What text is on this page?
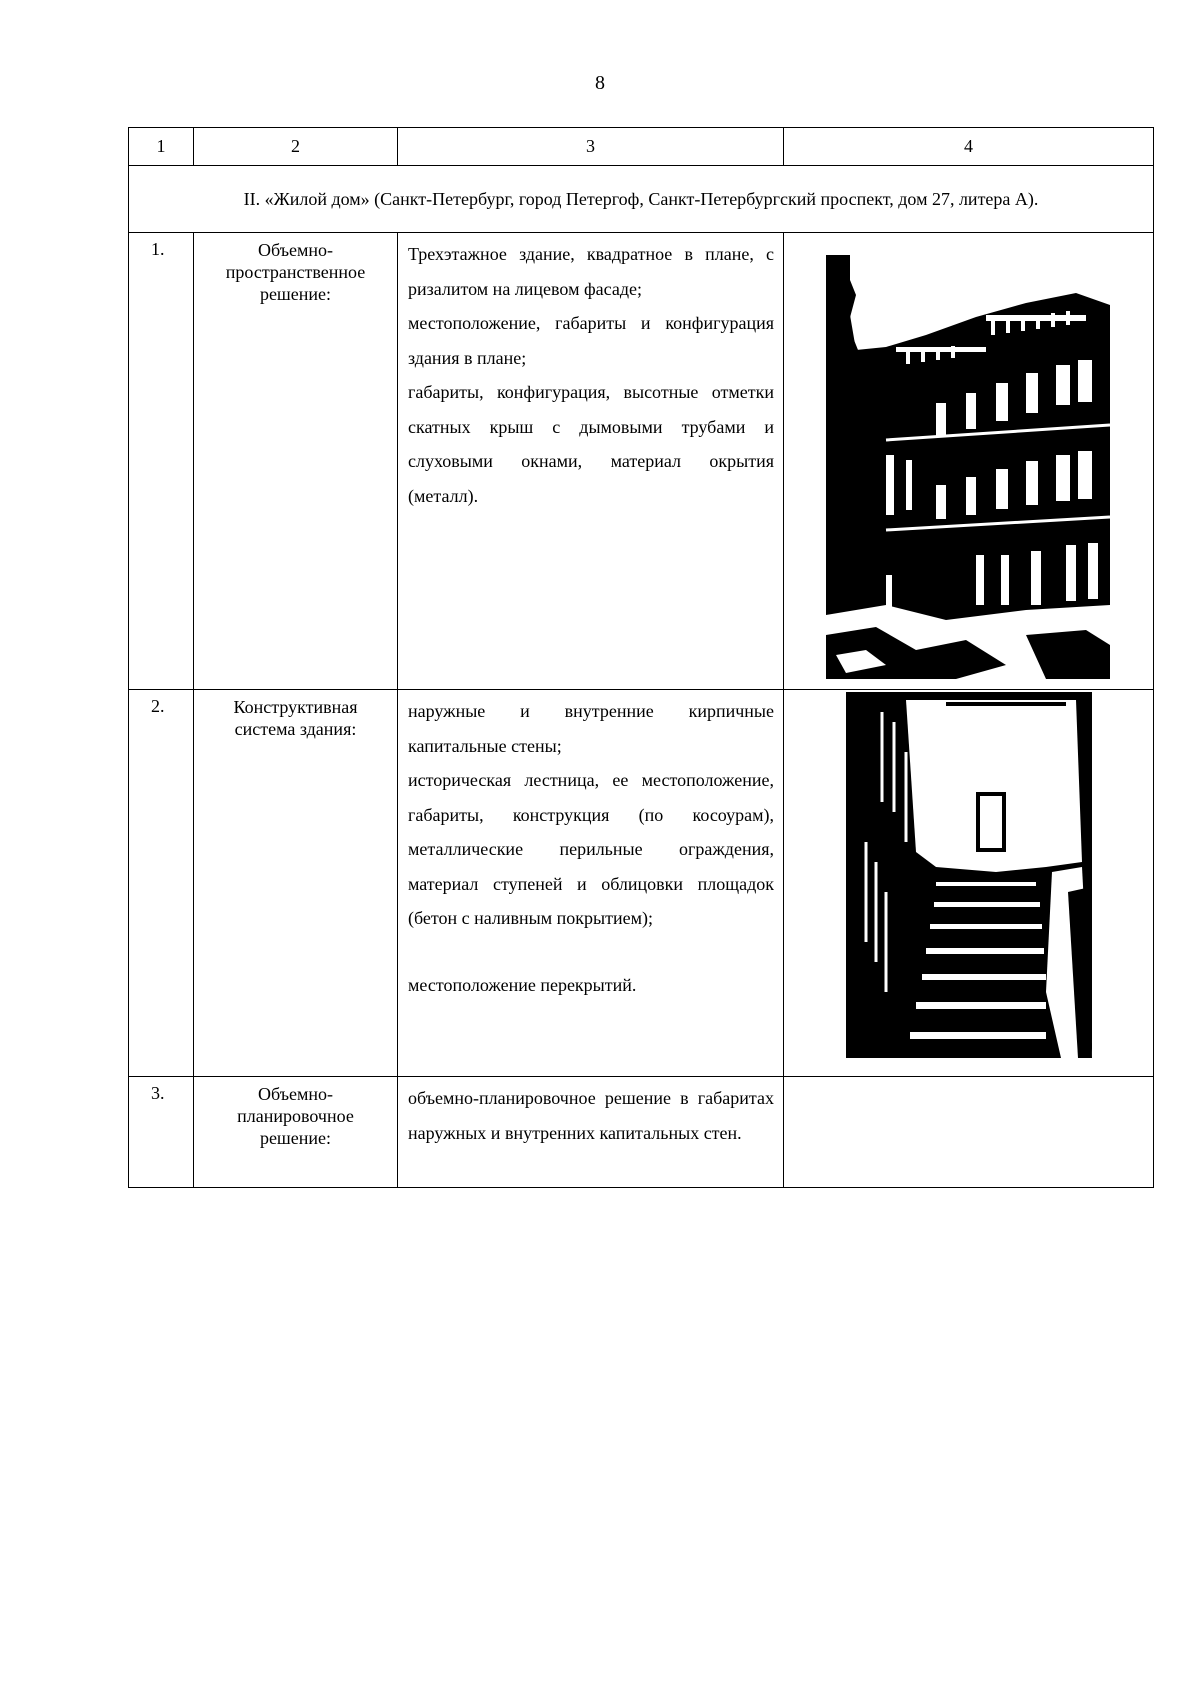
8
1	2	3	4
II. «Жилой дом» (Санкт-Петербург, город Петергоф, Санкт-Петербургский проспект, дом 27, литера А).			
1.	Объемно-пространственное решение:	Трехэтажное здание, квадратное в плане, с ризалитом на лицевом фасаде;

местоположение, габариты и конфигурация здания в плане;

габариты, конфигурация, высотные отметки скатных крыш с дымовыми трубами и слуховыми окнами, материал окрытия (металл).

2.	Конструктивная система здания:	наружные и внутренние кирпичные капитальные стены;

историческая лестница, ее местоположение, габариты, конструкция (по косоурам), металлические перильные ограждения, материал ступеней и облицовки площадок (бетон с наливным покрытием);

местоположение перекрытий.

3.	Объемно-планировочное решение:	объемно-планировочное решение в габаритах наружных и внутренних капитальных стен.	
